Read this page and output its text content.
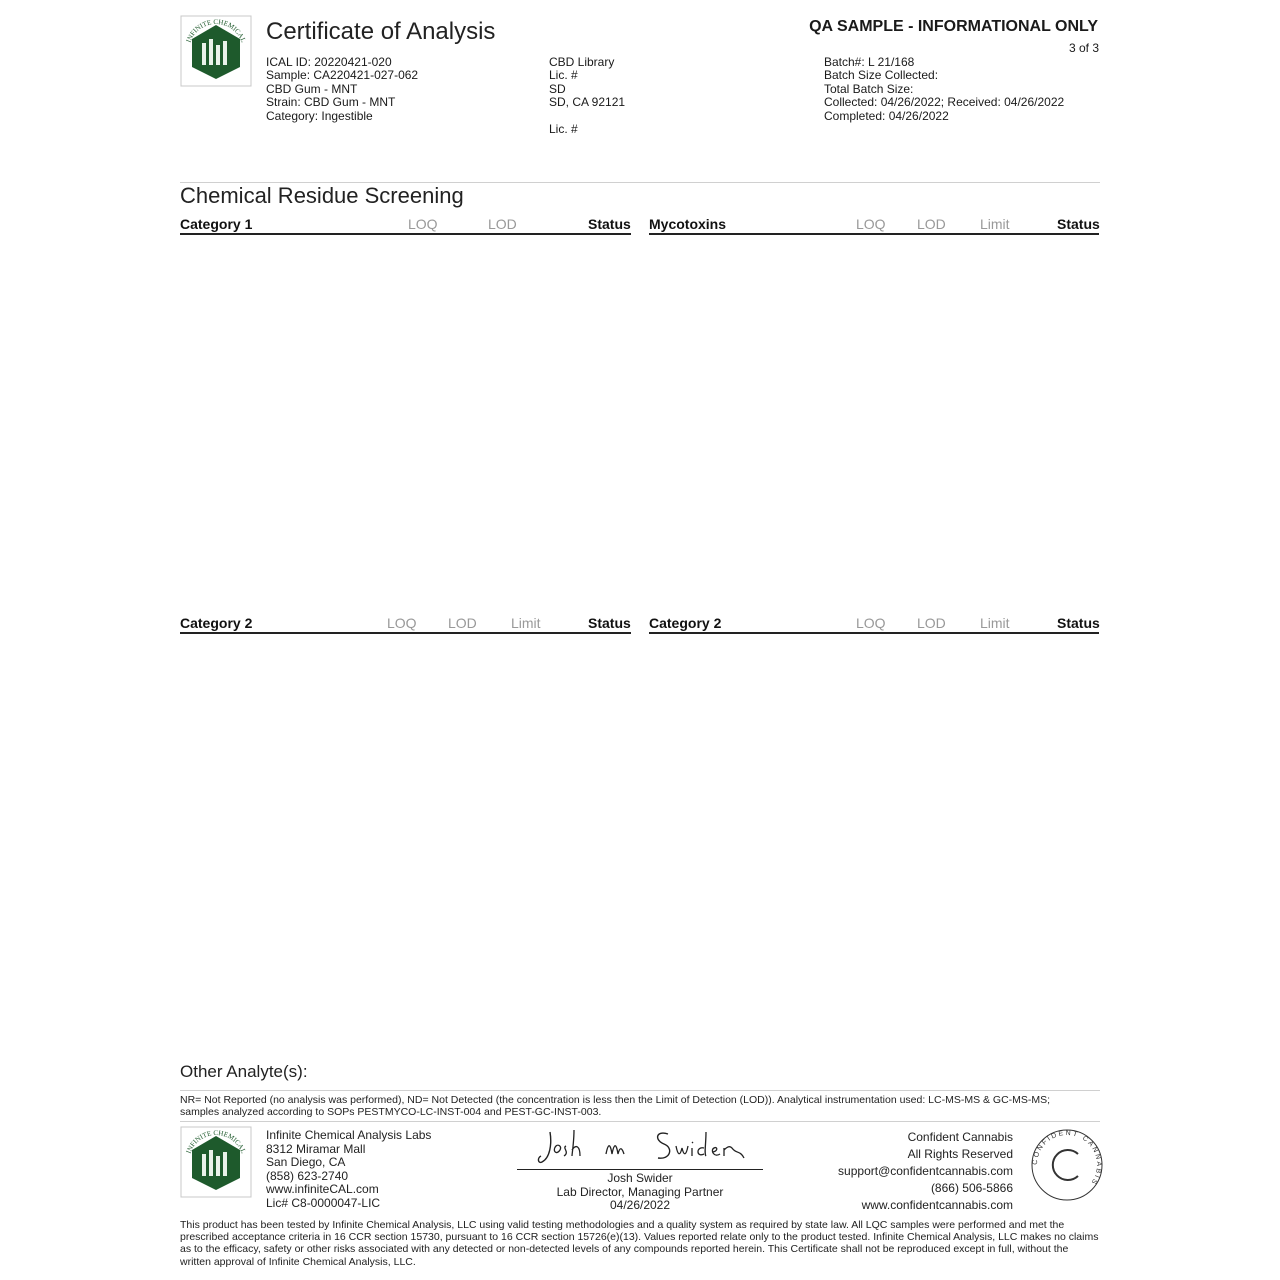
INFINITE CHEMICAL Certificate of Analysis	QA SAMPLE - INFORMATIONAL ONLY
3 of 3
ICAL ID: 20220421-020
Sample: CA220421-027-062
CBD Gum - MNT
Strain: CBD Gum - MNT
Category: Ingestible
CBD Library
Lic. #
SD
SD, CA 92121
Lic. #
Batch#: L 21/168
Batch Size Collected:
Total Batch Size:
Collected: 04/26/2022; Received: 04/26/2022
Completed: 04/26/2022
Chemical Residue Screening
Category 1	LOQ	LOD	Status Mycotoxins	LOQ LOD Limit	Status
Category 2	LOQ LOD Limit	Status Category 2	LOQ LOD Limit	Status
Other Analyte(s):
NR= Not Reported (no analysis was performed), ND= Not Detected (the concentration is less then the Limit of Detection (LOD)). Analytical instrumentation used: LC-MS-MS & GC-MS-MS; samples analyzed according to SOPs PESTMYCO-LC-INST-004 and PEST-GC-INST-003.
INFINITE CHEMICAL
Infinite Chemical Analysis Labs
8312 Miramar Mall
San Diego, CA
(858) 623-2740
www.infiniteCAL.com
Lic# C8-0000047-LIC
Josh Swider
Lab Director, Managing Partner
04/26/2022
Confident Cannabis
All Rights Reserved
support@confidentcannabis.com
(866) 506-5866
www.confidentcannabis.com
CONFIDENT CANNABIS
This product has been tested by Infinite Chemical Analysis, LLC using valid testing methodologies and a quality system as required by state law. All LQC samples were performed and met the prescribed acceptance criteria in 16 CCR section 15730, pursuant to 16 CCR section 15726(e)(13). Values reported relate only to the product tested. Infinite Chemical Analysis, LLC makes no claims as to the efficacy, safety or other risks associated with any detected or non-detected levels of any compounds reported herein. This Certificate shall not be reproduced except in full, without the written approval of Infinite Chemical Analysis, LLC.
